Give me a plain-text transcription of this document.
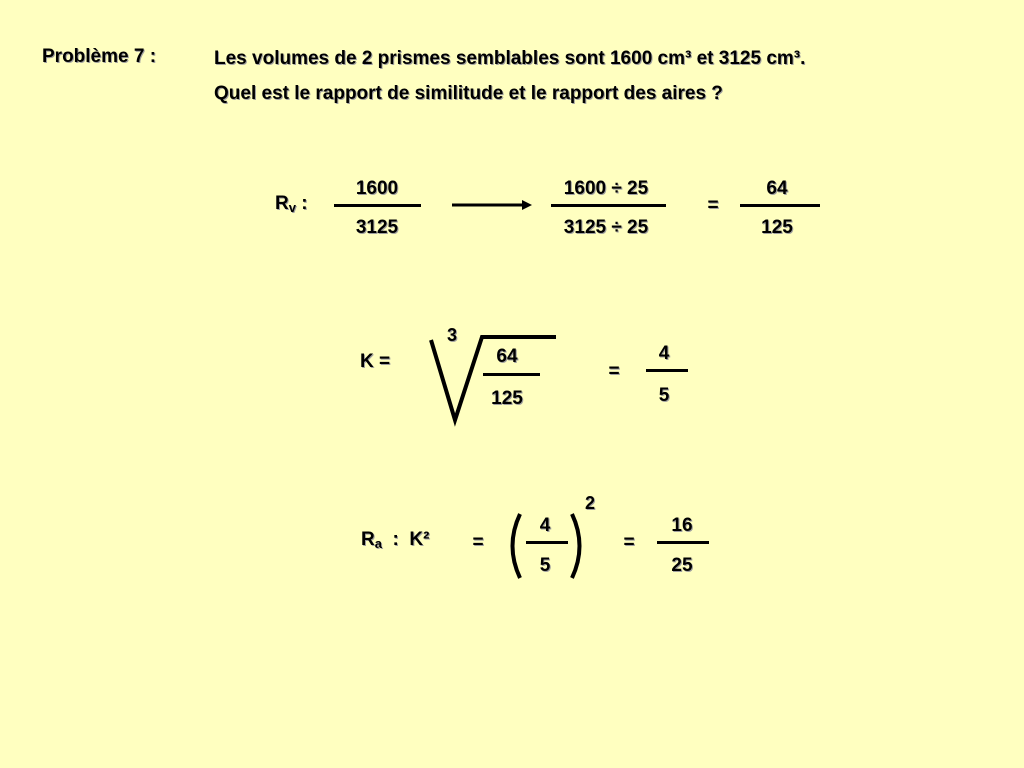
Problème 7 :	Les volumes de 2 prismes semblables sont 1600 cm³ et 3125 cm³.
Quel est le rapport de similitude et le rapport des aires ?
$R_v$ :
1600
3125
1600 ÷ 25
3125 ÷ 25
=
64
125
K =
3
64
125
=
4
5
$R_a$  :  K² =
4
5
2
=
16
25
